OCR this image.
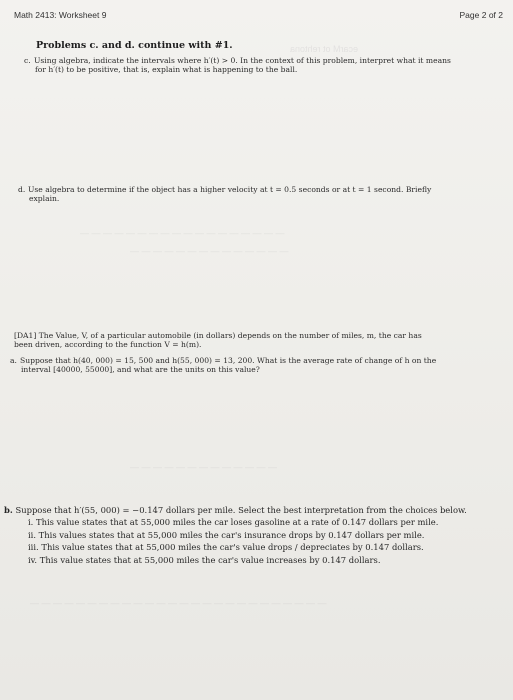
ecarM ot rehtona
— — — — — — — — — — — — — — — — — —
— — — — — — — — — — — — — —
— — — — — — — — — — — — —
— — — — — — — — — — — — — — — — — — — — — — — — — —
Math 2413: Worksheet 9	Page 2 of 2
Problems c. and d. continue with #1.
c. Using algebra, indicate the intervals where h′(t) > 0. In the context of this problem, interpret what it means
for h′(t) to be positive, that is, explain what is happening to the ball.
d. Use algebra to determine if the object has a higher velocity at t = 0.5 seconds or at t = 1 second. Briefly
explain.
[DA1] The Value, V, of a particular automobile (in dollars) depends on the number of miles, m, the car has
been driven, according to the function V = h(m).
a. Suppose that h(40, 000) = 15, 500 and h(55, 000) = 13, 200. What is the average rate of change of h on the
interval [40000, 55000], and what are the units on this value?
b. Suppose that h′(55, 000) = −0.147 dollars per mile. Select the best interpretation from the choices below.
i. This value states that at 55,000 miles the car loses gasoline at a rate of 0.147 dollars per mile.
ii. This values states that at 55,000 miles the car's insurance drops by 0.147 dollars per mile.
iii. This value states that at 55,000 miles the car's value drops / depreciates by 0.147 dollars.
iv. This value states that at 55,000 miles the car's value increases by 0.147 dollars.
